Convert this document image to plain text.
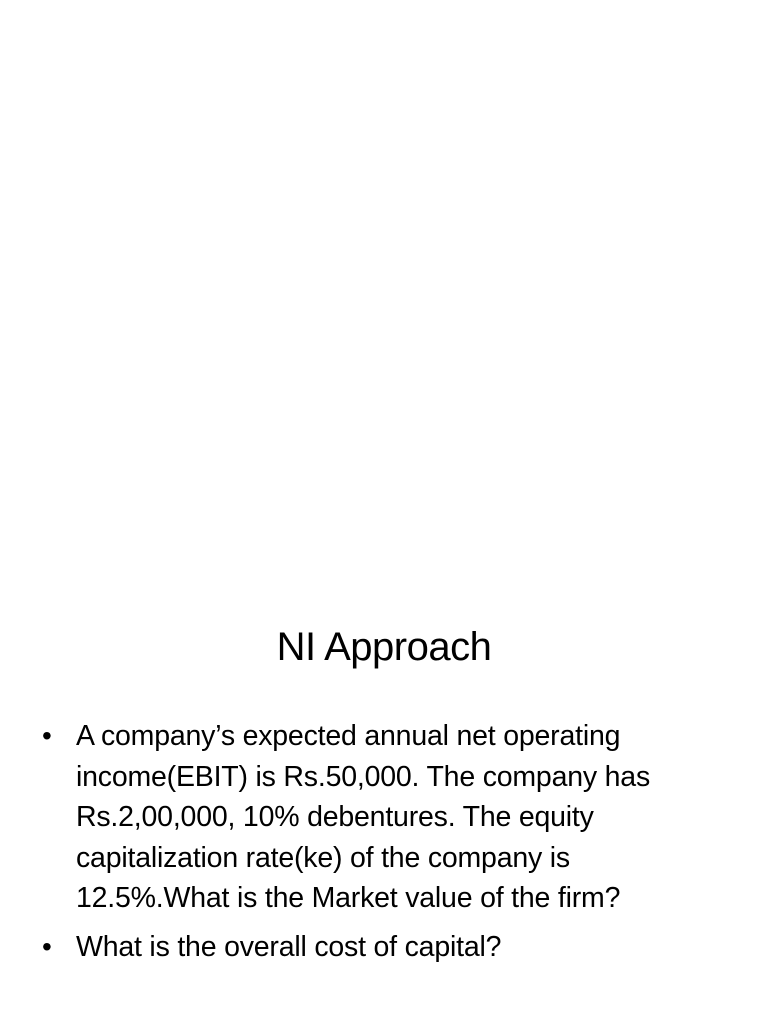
NI Approach
• A company’s expected annual net operating
income(EBIT) is Rs.50,000. The company has
Rs.2,00,000, 10% debentures. The equity
capitalization rate(ke) of the company is
12.5%.What is the Market value of the firm?
• What is the overall cost of capital?
